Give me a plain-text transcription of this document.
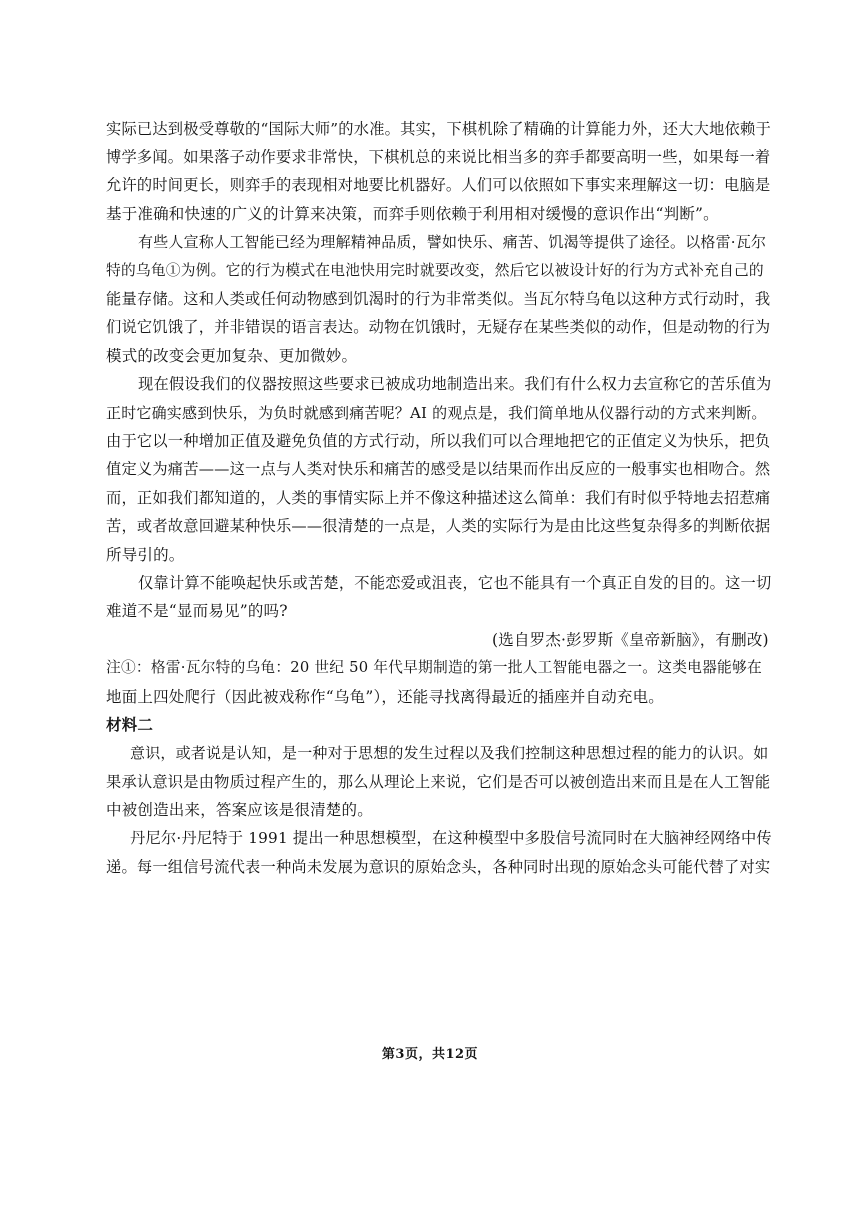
实际已达到极受尊敬的“国际大师”的水准。其实，下棋机除了精确的计算能力外，还大大地依赖于
博学多闻。如果落子动作要求非常快，下棋机总的来说比相当多的弈手都要高明一些，如果每一着
允许的时间更长，则弈手的表现相对地要比机器好。人们可以依照如下事实来理解这一切：电脑是
基于准确和快速的广义的计算来决策，而弈手则依赖于利用相对缓慢的意识作出“判断”。
有些人宣称人工智能已经为理解精神品质，譬如快乐、痛苦、饥渴等提供了途径。以格雷·瓦尔
特的乌龟①为例。它的行为模式在电池快用完时就要改变，然后它以被设计好的行为方式补充自己的
能量存储。这和人类或任何动物感到饥渴时的行为非常类似。当瓦尔特乌龟以这种方式行动时，我
们说它饥饿了，并非错误的语言表达。动物在饥饿时，无疑存在某些类似的动作，但是动物的行为
模式的改变会更加复杂、更加微妙。
现在假设我们的仪器按照这些要求已被成功地制造出来。我们有什么权力去宣称它的苦乐值为
正时它确实感到快乐，为负时就感到痛苦呢？AI 的观点是，我们简单地从仪器行动的方式来判断。
由于它以一种增加正值及避免负值的方式行动，所以我们可以合理地把它的正值定义为快乐，把负
值定义为痛苦——这一点与人类对快乐和痛苦的感受是以结果而作出反应的一般事实也相吻合。然
而，正如我们都知道的，人类的事情实际上并不像这种描述这么简单：我们有时似乎特地去招惹痛
苦，或者故意回避某种快乐——很清楚的一点是，人类的实际行为是由比这些复杂得多的判断依据
所导引的。
仅靠计算不能唤起快乐或苦楚，不能恋爱或沮丧，它也不能具有一个真正自发的目的。这一切
难道不是“显而易见”的吗?
(选自罗杰·彭罗斯《皇帝新脑》，有删改)
注①：格雷·瓦尔特的乌龟：20 世纪 50 年代早期制造的第一批人工智能电器之一。这类电器能够在
地面上四处爬行（因此被戏称作“乌龟”），还能寻找离得最近的插座并自动充电。
材料二
意识，或者说是认知，是一种对于思想的发生过程以及我们控制这种思想过程的能力的认识。如
果承认意识是由物质过程产生的，那么从理论上来说，它们是否可以被创造出来而且是在人工智能
中被创造出来，答案应该是很清楚的。
丹尼尔·丹尼特于 1991 提出一种思想模型，在这种模型中多股信号流同时在大脑神经网络中传
递。每一组信号流代表一种尚未发展为意识的原始念头，各种同时出现的原始念头可能代替了对实
第3页，共12页
